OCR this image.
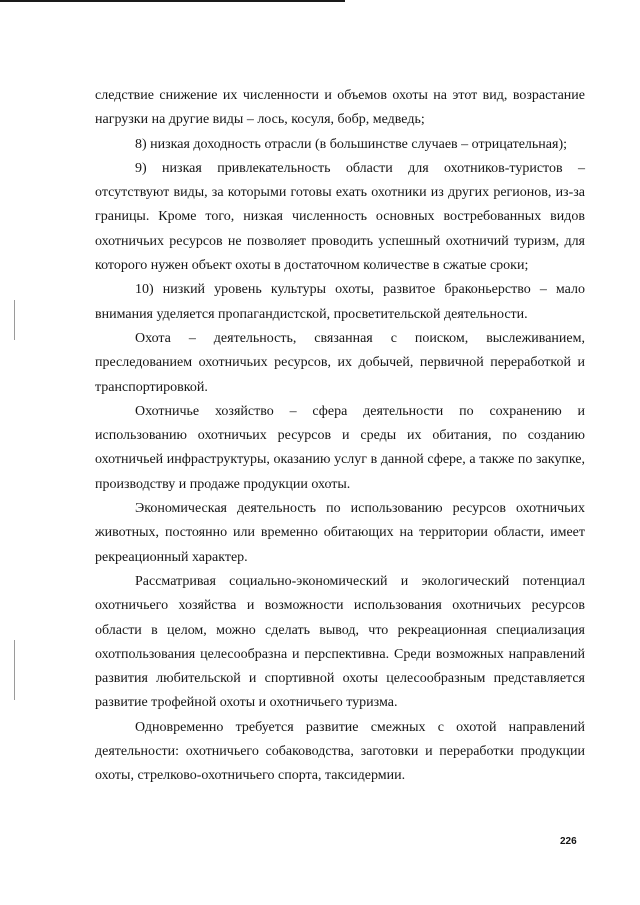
следствие снижение их численности и объемов охоты на этот вид, возрастание нагрузки на другие виды – лось, косуля, бобр, медведь;

8) низкая доходность отрасли (в большинстве случаев – отрицательная);

9) низкая привлекательность области для охотников-туристов – отсутствуют виды, за которыми готовы ехать охотники из других регионов, из-за границы. Кроме того, низкая численность основных востребованных видов охотничьих ресурсов не позволяет проводить успешный охотничий туризм, для которого нужен объект охоты в достаточном количестве в сжатые сроки;

10) низкий уровень культуры охоты, развитое браконьерство – мало внимания уделяется пропагандистской, просветительской деятельности.

Охота – деятельность, связанная с поиском, выслеживанием, преследованием охотничьих ресурсов, их добычей, первичной переработкой и транспортировкой.

Охотничье хозяйство – сфера деятельности по сохранению и использованию охотничьих ресурсов и среды их обитания, по созданию охотничьей инфраструктуры, оказанию услуг в данной сфере, а также по закупке, производству и продаже продукции охоты.

Экономическая деятельность по использованию ресурсов охотничьих животных, постоянно или временно обитающих на территории области, имеет рекреационный характер.

Рассматривая социально-экономический и экологический потенциал охотничьего хозяйства и возможности использования охотничьих ресурсов области в целом, можно сделать вывод, что рекреационная специализация охотпользования целесообразна и перспективна. Среди возможных направлений развития любительской и спортивной охоты целесообразным представляется развитие трофейной охоты и охотничьего туризма.

Одновременно требуется развитие смежных с охотой направлений деятельности: охотничьего собаководства, заготовки и переработки продукции охоты, стрелково-охотничьего спорта, таксидермии.

226
